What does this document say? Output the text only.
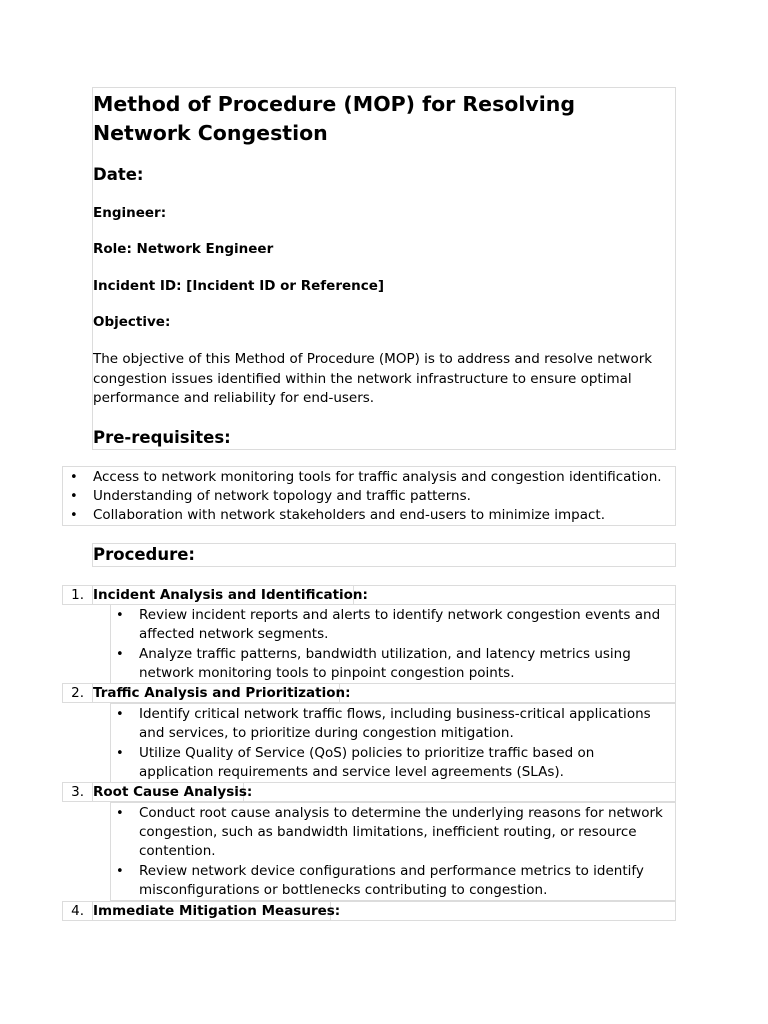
Method of Procedure (MOP) for Resolving Network Congestion
Date:

Engineer:

Role: Network Engineer

Incident ID: [Incident ID or Reference]

Objective:

The objective of this Method of Procedure (MOP) is to address and resolve network congestion issues identified within the network infrastructure to ensure optimal performance and reliability for end-users.

Pre-requisites:
• Access to network monitoring tools for traffic analysis and congestion identification.

• Understanding of network topology and traffic patterns.

• Collaboration with network stakeholders and end-users to minimize impact.

Procedure:
1. Incident Analysis and Identification:
• Review incident reports and alerts to identify network congestion events and

affected network segments.

• Analyze traffic patterns, bandwidth utilization, and latency metrics using

network monitoring tools to pinpoint congestion points.

2. Traffic Analysis and Prioritization:
• Identify critical network traffic flows, including business-critical applications

and services, to prioritize during congestion mitigation.

• Utilize Quality of Service (QoS) policies to prioritize traffic based on

application requirements and service level agreements (SLAs).

3. Root Cause Analysis:
• Conduct root cause analysis to determine the underlying reasons for network

congestion, such as bandwidth limitations, inefficient routing, or resource

contention.

• Review network device configurations and performance metrics to identify

misconfigurations or bottlenecks contributing to congestion.

4. Immediate Mitigation Measures:
